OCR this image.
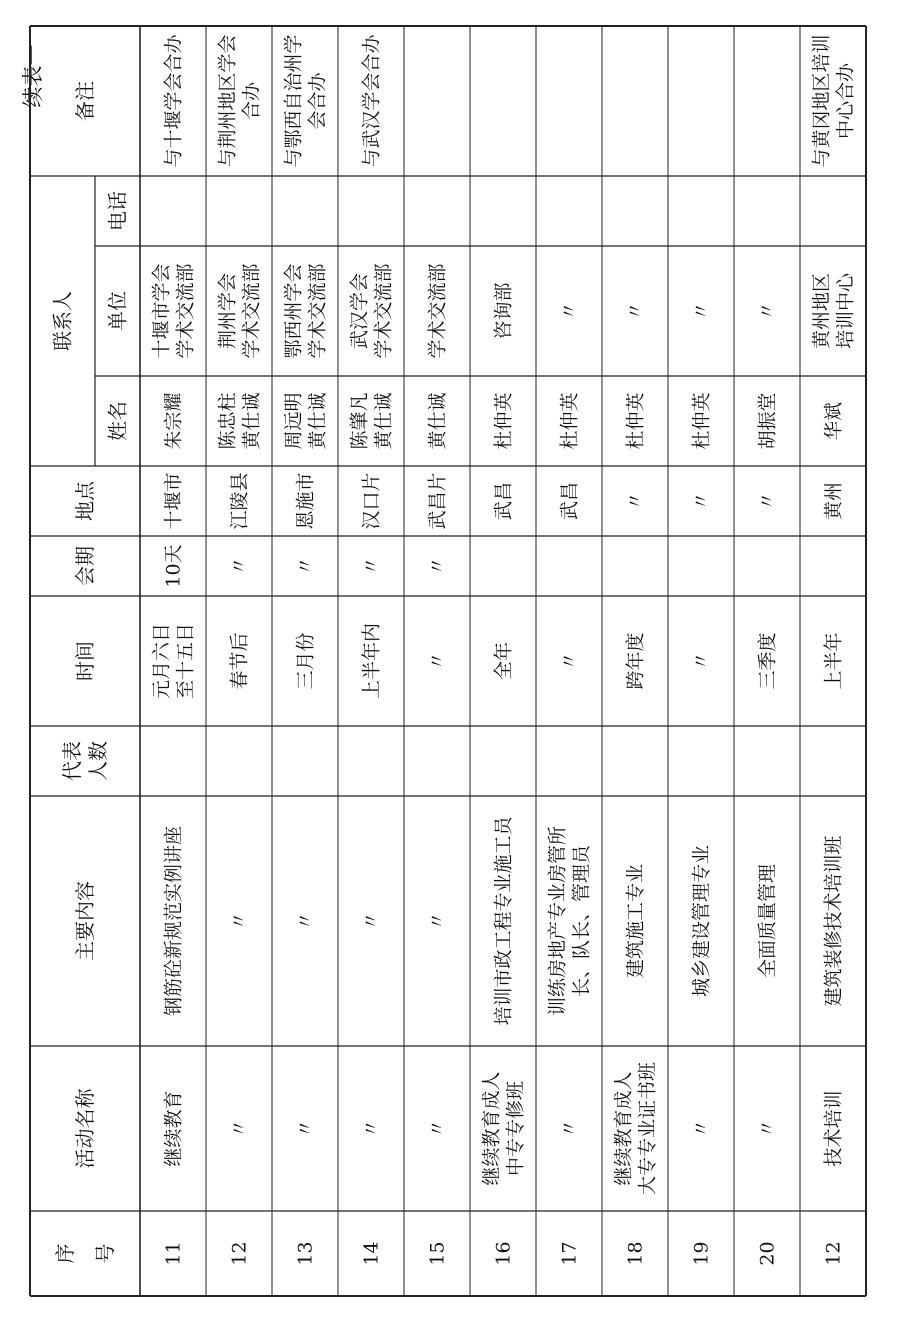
续表一
序 号
活动名称
主要内容
代表 人数
时间
会期
地点
联系人
姓名
单位
电话
备注
11
继续教育
钢筋砼新规范实例讲座
元月六日 至十五日
10天
十堰市
朱宗耀
十堰市学会 学术交流部
与十堰学会合办
12
〃
〃
春节后
〃
江陵县
陈忠柱 黄仕诚
荆州学会 学术交流部
与荆州地区学会 合办
13
〃
〃
三月份
〃
恩施市
周远明 黄仕诚
鄂西州学会 学术交流部
与鄂西自治州学 会合办
14
〃
〃
上半年内
〃
汉口片
陈肇凡 黄仕诚
武汉学会 学术交流部
与武汉学会合办
15
〃
〃
〃
〃
武昌片
黄仕诚
学术交流部
16
继续教育成人 中专专修班
培训市政工程专业施工员
全年
武昌
杜仲英
咨询部
17
〃
训练房地产专业房管所 长、队长、管理员
〃
武昌
杜仲英
〃
18
继续教育成人 大专专业证书班
建筑施工专业
跨年度
〃
杜仲英
〃
19
〃
城乡建设管理专业
〃
〃
杜仲英
〃
20
〃
全面质量管理
三季度
〃
胡振堂
〃
12
技术培训
建筑装修技术培训班
上半年
黄州
华斌
黄州地区 培训中心
与黄冈地区培训 中心合办
